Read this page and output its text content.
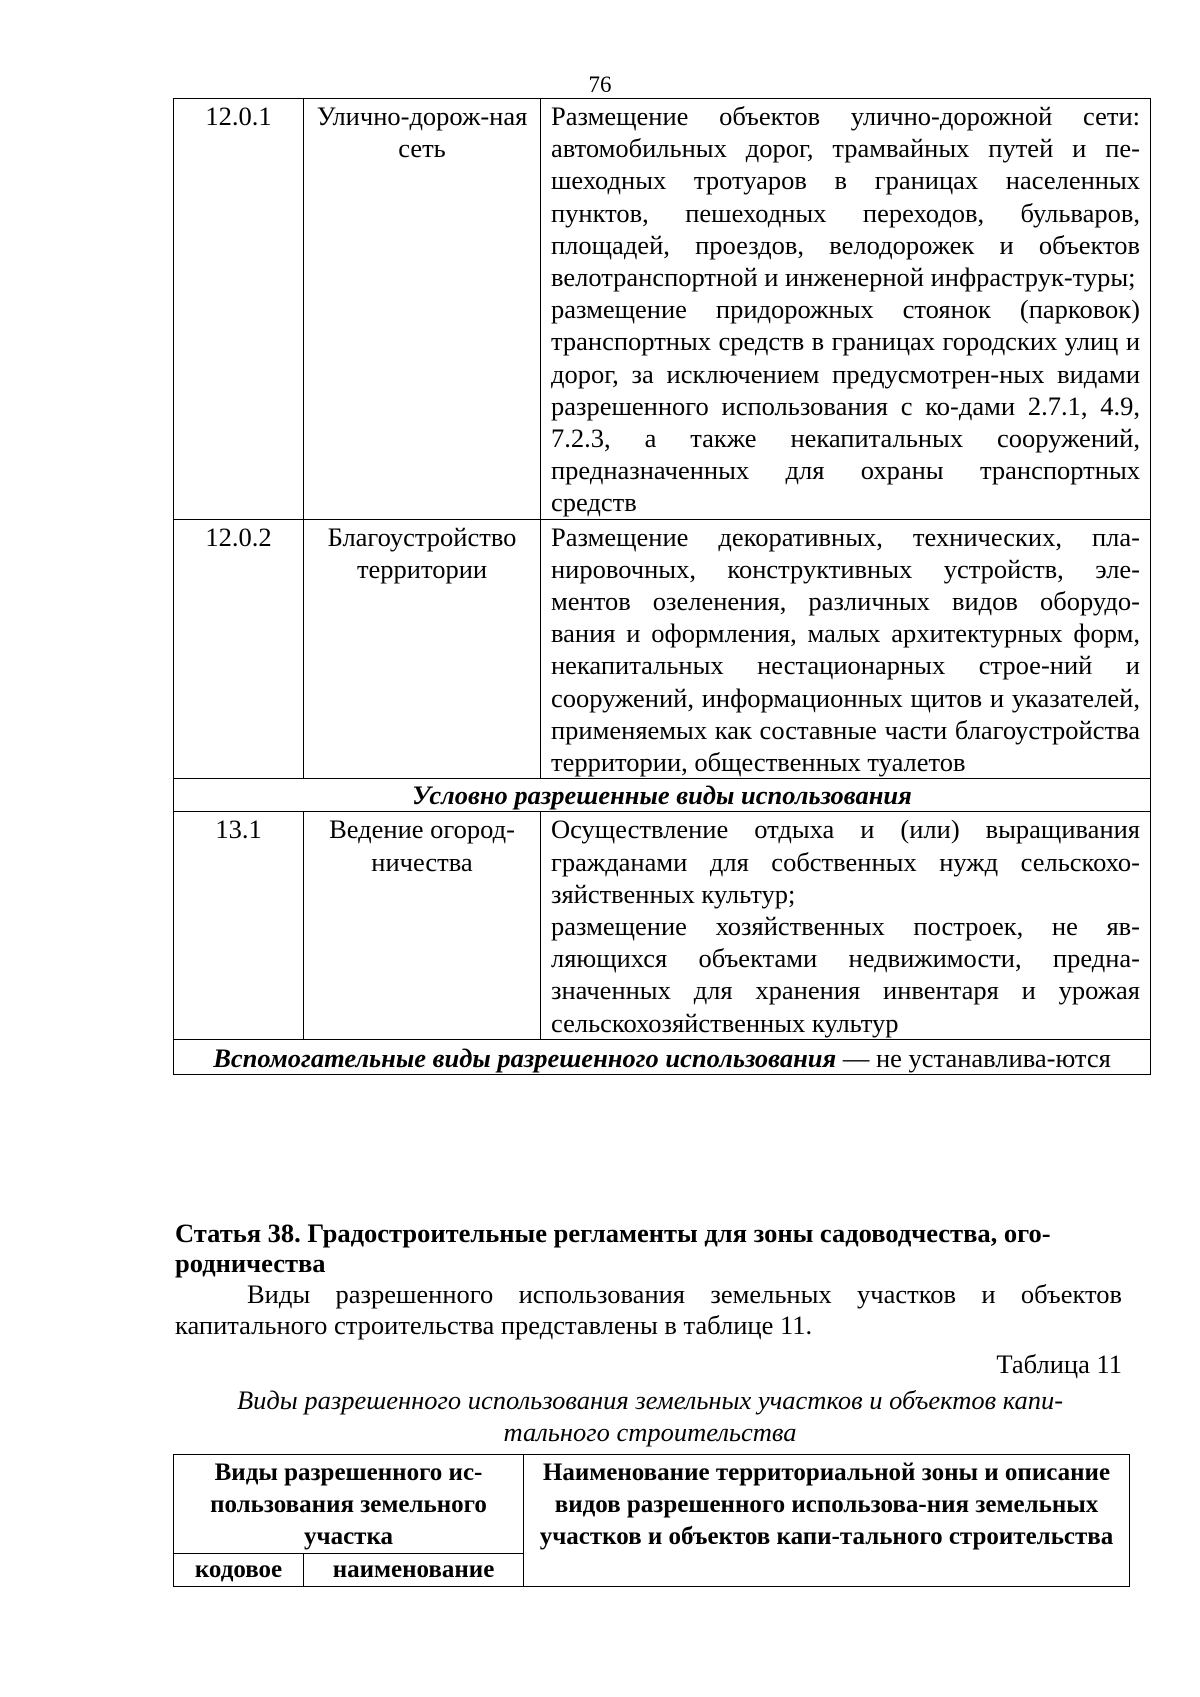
76
12.0.1	Улично-дорож-ная сеть	Размещение объектов улично-дорожной сети: автомобильных дорог, трамвайных путей и пе-шеходных тротуаров в границах населенных пунктов, пешеходных переходов, бульваров, площадей, проездов, велодорожек и объектов велотранспортной и инженерной инфраструк-туры;

размещение придорожных стоянок (парковок) транспортных средств в границах городских улиц и дорог, за исключением предусмотрен-ных видами разрешенного использования с ко-дами 2.7.1, 4.9, 7.2.3, а также некапитальных сооружений, предназначенных для охраны транспортных средств

12.0.2	Благоустройство территории	Размещение декоративных, технических, пла-нировочных, конструктивных устройств, эле-ментов озеленения, различных видов оборудо-вания и оформления, малых архитектурных форм, некапитальных нестационарных строе-ний и сооружений, информационных щитов и указателей, применяемых как составные части благоустройства территории, общественных туалетов

Условно разрешенные виды использования		
13.1	Ведение огород-ничества	Осуществление отдыха и (или) выращивания гражданами для собственных нужд сельскохо-зяйственных культур;

размещение хозяйственных построек, не яв-ляющихся объектами недвижимости, предна-значенных для хранения инвентаря и урожая сельскохозяйственных культур

Вспомогательные виды разрешенного использования — не устанавлива-ются		

Статья 38. Градостроительные регламенты для зоны садоводчества, ого-родничества

Виды разрешенного использования земельных участков и объектов капитального строительства представлены в таблице 11.

Таблица 11

Виды разрешенного использования земельных участков и объектов капи-тального строительства

Виды разрешенного ис-пользования земельного участка		Наименование территориальной зоны и описание видов разрешенного использова-ния земельных участков и объектов капи-тального строительства
кодовое	наименование	
